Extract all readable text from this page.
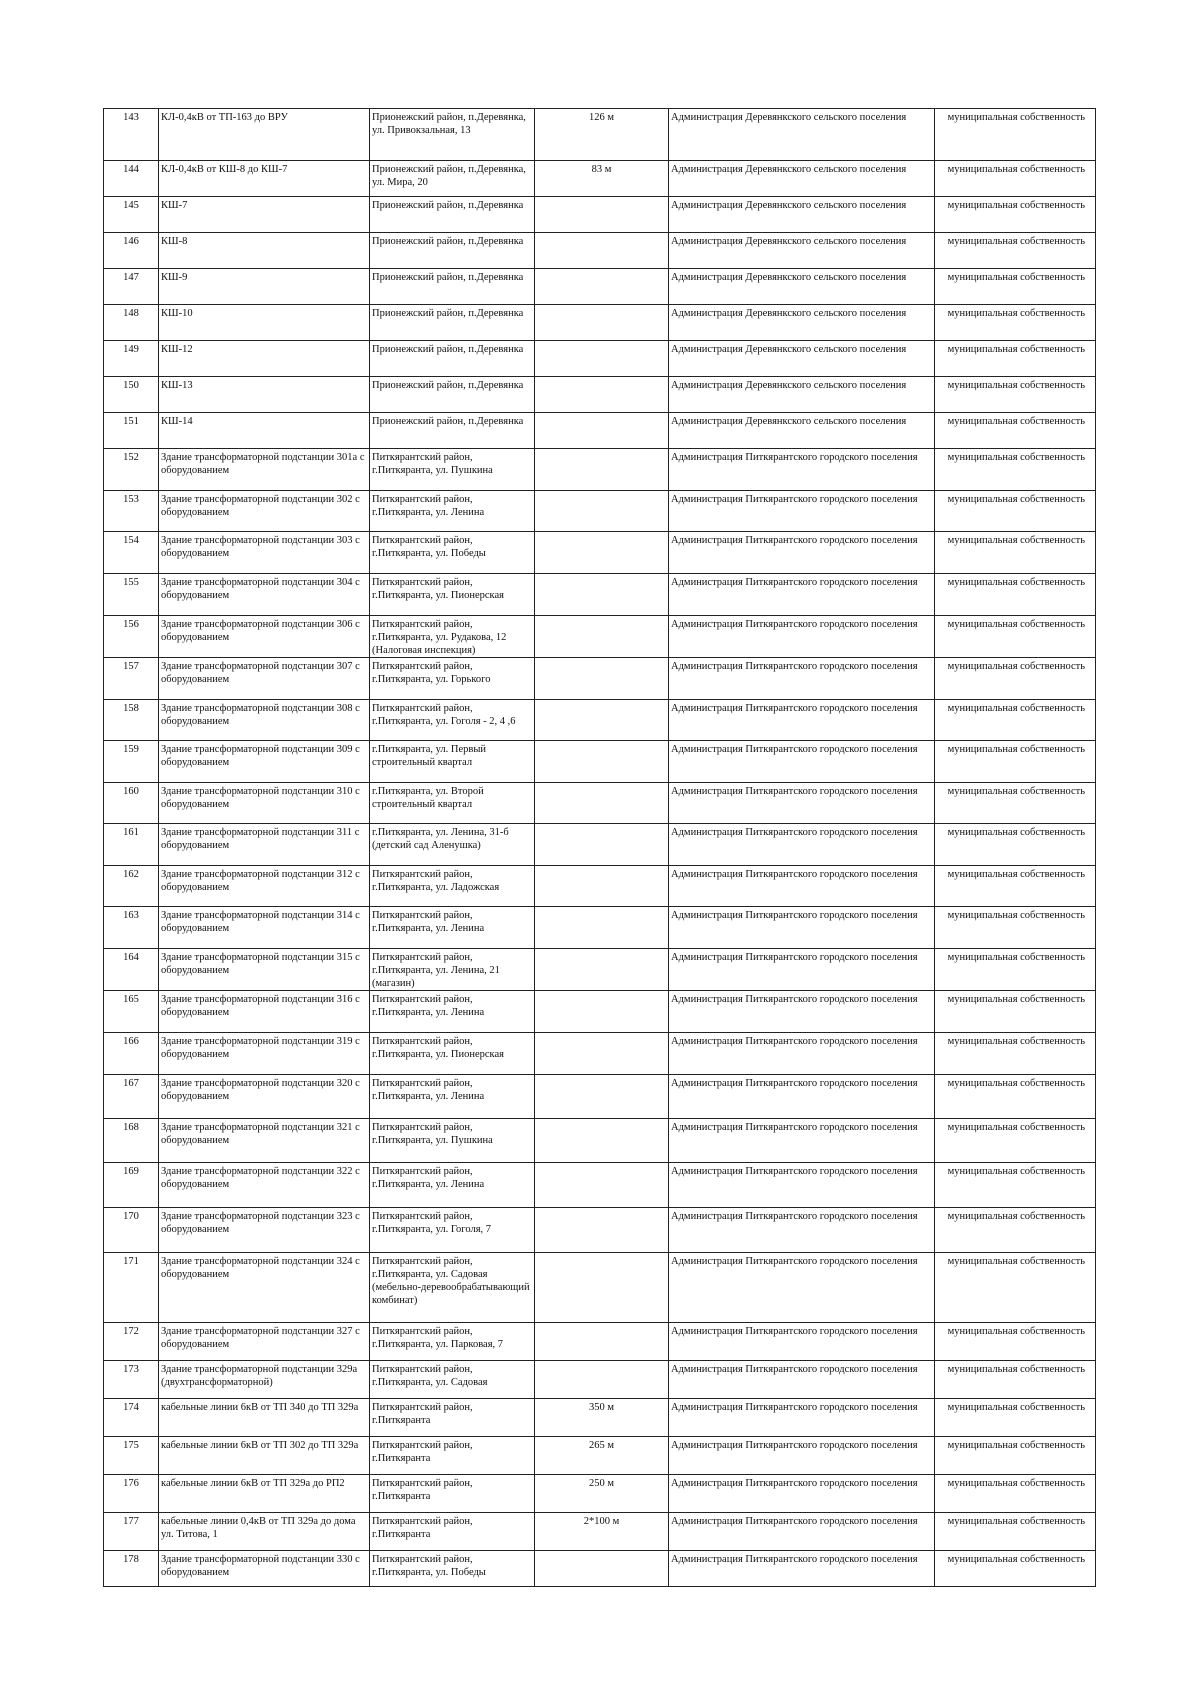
143	КЛ-0,4кВ от ТП-163 до ВРУ	Прионежский район, п.Деревянка, ул. Привокзальная, 13	126 м	Администрация Деревянкского сельского поселения	муниципальная собственность
144	КЛ-0,4кВ от КШ-8 до КШ-7	Прионежский район, п.Деревянка, ул. Мира, 20	83 м	Администрация Деревянкского сельского поселения	муниципальная собственность
145	КШ-7	Прионежский район, п.Деревянка		Администрация Деревянкского сельского поселения	муниципальная собственность
146	КШ-8	Прионежский район, п.Деревянка		Администрация Деревянкского сельского поселения	муниципальная собственность
147	КШ-9	Прионежский район, п.Деревянка		Администрация Деревянкского сельского поселения	муниципальная собственность
148	КШ-10	Прионежский район, п.Деревянка		Администрация Деревянкского сельского поселения	муниципальная собственность
149	КШ-12	Прионежский район, п.Деревянка		Администрация Деревянкского сельского поселения	муниципальная собственность
150	КШ-13	Прионежский район, п.Деревянка		Администрация Деревянкского сельского поселения	муниципальная собственность
151	КШ-14	Прионежский район, п.Деревянка		Администрация Деревянкского сельского поселения	муниципальная собственность
152	Здание трансформаторной подстанции 301а с оборудованием	Питкярантский район, г.Питкяранта, ул. Пушкина		Администрация Питкярантского городского поселения	муниципальная собственность
153	Здание трансформаторной подстанции 302 с оборудованием	Питкярантский район, г.Питкяранта, ул. Ленина		Администрация Питкярантского городского поселения	муниципальная собственность
154	Здание трансформаторной подстанции 303 с оборудованием	Питкярантский район, г.Питкяранта, ул. Победы		Администрация Питкярантского городского поселения	муниципальная собственность
155	Здание трансформаторной подстанции 304 с оборудованием	Питкярантский район, г.Питкяранта, ул. Пионерская		Администрация Питкярантского городского поселения	муниципальная собственность
156	Здание трансформаторной подстанции 306 с оборудованием	Питкярантский район, г.Питкяранта, ул. Рудакова, 12 (Налоговая инспекция)		Администрация Питкярантского городского поселения	муниципальная собственность
157	Здание трансформаторной подстанции 307 с оборудованием	Питкярантский район, г.Питкяранта, ул. Горького		Администрация Питкярантского городского поселения	муниципальная собственность
158	Здание трансформаторной подстанции 308 с оборудованием	Питкярантский район, г.Питкяранта, ул. Гоголя - 2, 4 ,6		Администрация Питкярантского городского поселения	муниципальная собственность
159	Здание трансформаторной подстанции 309 с оборудованием	г.Питкяранта, ул. Первый строительный квартал		Администрация Питкярантского городского поселения	муниципальная собственность
160	Здание трансформаторной подстанции 310 с оборудованием	г.Питкяранта, ул. Второй строительный квартал		Администрация Питкярантского городского поселения	муниципальная собственность
161	Здание трансформаторной подстанции 311 с оборудованием	г.Питкяранта, ул. Ленина, 31-б (детский сад Аленушка)		Администрация Питкярантского городского поселения	муниципальная собственность
162	Здание трансформаторной подстанции 312 с оборудованием	Питкярантский район, г.Питкяранта, ул. Ладожская		Администрация Питкярантского городского поселения	муниципальная собственность
163	Здание трансформаторной подстанции 314 с оборудованием	Питкярантский район, г.Питкяранта, ул. Ленина		Администрация Питкярантского городского поселения	муниципальная собственность
164	Здание трансформаторной подстанции 315 с оборудованием	Питкярантский район, г.Питкяранта, ул. Ленина, 21 (магазин)		Администрация Питкярантского городского поселения	муниципальная собственность
165	Здание трансформаторной подстанции 316 с оборудованием	Питкярантский район, г.Питкяранта, ул. Ленина		Администрация Питкярантского городского поселения	муниципальная собственность
166	Здание трансформаторной подстанции 319 с оборудованием	Питкярантский район, г.Питкяранта, ул. Пионерская		Администрация Питкярантского городского поселения	муниципальная собственность
167	Здание трансформаторной подстанции 320 с оборудованием	Питкярантский район, г.Питкяранта, ул. Ленина		Администрация Питкярантского городского поселения	муниципальная собственность
168	Здание трансформаторной подстанции 321 с оборудованием	Питкярантский район, г.Питкяранта, ул. Пушкина		Администрация Питкярантского городского поселения	муниципальная собственность
169	Здание трансформаторной подстанции 322 с оборудованием	Питкярантский район, г.Питкяранта, ул. Ленина		Администрация Питкярантского городского поселения	муниципальная собственность
170	Здание трансформаторной подстанции 323 с оборудованием	Питкярантский район, г.Питкяранта, ул. Гоголя, 7		Администрация Питкярантского городского поселения	муниципальная собственность
171	Здание трансформаторной подстанции 324 с оборудованием	Питкярантский район, г.Питкяранта, ул. Садовая (мебельно-деревообрабатывающий комбинат)		Администрация Питкярантского городского поселения	муниципальная собственность
172	Здание трансформаторной подстанции 327 с оборудованием	Питкярантский район, г.Питкяранта, ул. Парковая, 7		Администрация Питкярантского городского поселения	муниципальная собственность
173	Здание трансформаторной подстанции 329а (двухтрансформаторной)	Питкярантский район, г.Питкяранта, ул. Садовая		Администрация Питкярантского городского поселения	муниципальная собственность
174	кабельные линии 6кВ от ТП 340 до ТП 329а	Питкярантский район, г.Питкяранта	350 м	Администрация Питкярантского городского поселения	муниципальная собственность
175	кабельные линии 6кВ от ТП 302 до ТП 329а	Питкярантский район, г.Питкяранта	265 м	Администрация Питкярантского городского поселения	муниципальная собственность
176	кабельные линии 6кВ от ТП 329а до РП2	Питкярантский район, г.Питкяранта	250 м	Администрация Питкярантского городского поселения	муниципальная собственность
177	кабельные линии 0,4кВ от ТП 329а до дома ул. Титова, 1	Питкярантский район, г.Питкяранта	2*100 м	Администрация Питкярантского городского поселения	муниципальная собственность
178	Здание трансформаторной подстанции 330 с оборудованием	Питкярантский район, г.Питкяранта, ул. Победы		Администрация Питкярантского городского поселения	муниципальная собственность
